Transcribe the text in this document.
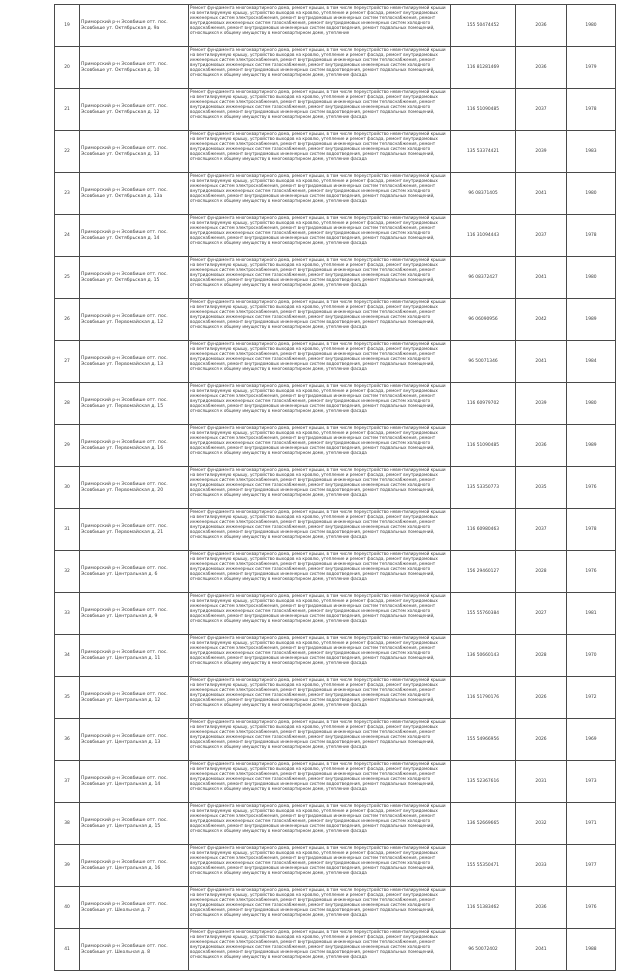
19	Приморский р-н Эсовбише отт. пос. Эсовбише ут. Октябрьская д. 9а	Ремонт фундамента многоквартирного дома, ремонт крыши, в том числе переустройство невентилируемой крыши на вентилируемую крышу, устройство выходов на кровлю, утепление и ремонт фасада, ремонт внутридомовых инженерных систем электроснабжения, ремонт внутридомовых инженерных систем теплоснабжения, ремонт внутридомовых инженерных систем газоснабжения, ремонт внутридомовых инженерных систем холодного водоснабжения, ремонт внутридомовых инженерных систем водоотведения, ремонт подвальных помещений, относящихся к общему имуществу в многоквартирном доме, утепление	155 50474452	2036	1980
20	Приморский р-н Эсовбише отт. пос. Эсовбише ут. Октябрьская д. 10	Ремонт фундамента многоквартирного дома, ремонт крыши, в том числе переустройство невентилируемой крыши на вентилируемую крышу, устройство выходов на кровлю, утепление и ремонт фасада, ремонт внутридомовых инженерных систем электроснабжения, ремонт внутридомовых инженерных систем теплоснабжения, ремонт внутридомовых инженерных систем газоснабжения, ремонт внутридомовых инженерных систем холодного водоснабжения, ремонт внутридомовых инженерных систем водоотведения, ремонт подвальных помещений, относящихся к общему имуществу в многоквартирном доме, утепление фасада	116 81281469	2036	1979
21	Приморский р-н Эсовбише отт. пос. Эсовбише ут. Октябрьская д. 12	Ремонт фундамента многоквартирного дома, ремонт крыши, в том числе переустройство невентилируемой крыши на вентилируемую крышу, устройство выходов на кровлю, утепление и ремонт фасада, ремонт внутридомовых инженерных систем электроснабжения, ремонт внутридомовых инженерных систем теплоснабжения, ремонт внутридомовых инженерных систем газоснабжения, ремонт внутридомовых инженерных систем холодного водоснабжения, ремонт внутридомовых инженерных систем водоотведения, ремонт подвальных помещений, относящихся к общему имуществу в многоквартирном доме, утепление фасада	116 51090485	2037	1978
22	Приморский р-н Эсовбише отт. пос. Эсовбише ут. Октябрьская д. 13	Ремонт фундамента многоквартирного дома, ремонт крыши, в том числе переустройство невентилируемой крыши на вентилируемую крышу, устройство выходов на кровлю, утепление и ремонт фасада, ремонт внутридомовых инженерных систем электроснабжения, ремонт внутридомовых инженерных систем теплоснабжения, ремонт внутридомовых инженерных систем газоснабжения, ремонт внутридомовых инженерных систем холодного водоснабжения, ремонт внутридомовых инженерных систем водоотведения, ремонт подвальных помещений, относящихся к общему имуществу в многоквартирном доме, утепление фасада	135 53374421	2039	1983
23	Приморский р-н Эсовбише отт. пос. Эсовбише ут. Октябрьская д. 13а	Ремонт фундамента многоквартирного дома, ремонт крыши, в том числе переустройство невентилируемой крыши на вентилируемую крышу, устройство выходов на кровлю, утепление и ремонт фасада, ремонт внутридомовых инженерных систем электроснабжения, ремонт внутридомовых инженерных систем теплоснабжения, ремонт внутридомовых инженерных систем газоснабжения, ремонт внутридомовых инженерных систем холодного водоснабжения, ремонт внутридомовых инженерных систем водоотведения, ремонт подвальных помещений, относящихся к общему имуществу в многоквартирном доме, утепление фасада	96 08371405	2041	1980
24	Приморский р-н Эсовбише отт. пос. Эсовбише ут. Октябрьская д. 14	Ремонт фундамента многоквартирного дома, ремонт крыши, в том числе переустройство невентилируемой крыши на вентилируемую крышу, устройство выходов на кровлю, утепление и ремонт фасада, ремонт внутридомовых инженерных систем электроснабжения, ремонт внутридомовых инженерных систем теплоснабжения, ремонт внутридомовых инженерных систем газоснабжения, ремонт внутридомовых инженерных систем холодного водоснабжения, ремонт внутридомовых инженерных систем водоотведения, ремонт подвальных помещений, относящихся к общему имуществу в многоквартирном доме, утепление фасада	116 31094443	2037	1978
25	Приморский р-н Эсовбише отт. пос. Эсовбише ут. Октябрьская д. 15	Ремонт фундамента многоквартирного дома, ремонт крыши, в том числе переустройство невентилируемой крыши на вентилируемую крышу, устройство выходов на кровлю, утепление и ремонт фасада, ремонт внутридомовых инженерных систем электроснабжения, ремонт внутридомовых инженерных систем теплоснабжения, ремонт внутридомовых инженерных систем газоснабжения, ремонт внутридомовых инженерных систем холодного водоснабжения, ремонт внутридомовых инженерных систем водоотведения, ремонт подвальных помещений, относящихся к общему имуществу в многоквартирном доме, утепление фасада	96 08372427	2041	1980
26	Приморский р-н Эсовбише отт. пос. Эсовбише ут. Первомайская д. 12	Ремонт фундамента многоквартирного дома, ремонт крыши, в том числе переустройство невентилируемой крыши на вентилируемую крышу, устройство выходов на кровлю, утепление и ремонт фасада, ремонт внутридомовых инженерных систем электроснабжения, ремонт внутридомовых инженерных систем теплоснабжения, ремонт внутридомовых инженерных систем газоснабжения, ремонт внутридомовых инженерных систем холодного водоснабжения, ремонт внутридомовых инженерных систем водоотведения, ремонт подвальных помещений, относящихся к общему имуществу в многоквартирном доме, утепление фасада	96 06090956	2042	1989
27	Приморский р-н Эсовбише отт. пос. Эсовбише ут. Первомайская д. 13	Ремонт фундамента многоквартирного дома, ремонт крыши, в том числе переустройство невентилируемой крыши на вентилируемую крышу, устройство выходов на кровлю, утепление и ремонт фасада, ремонт внутридомовых инженерных систем электроснабжения, ремонт внутридомовых инженерных систем теплоснабжения, ремонт внутридомовых инженерных систем газоснабжения, ремонт внутридомовых инженерных систем холодного водоснабжения, ремонт внутридомовых инженерных систем водоотведения, ремонт подвальных помещений, относящихся к общему имуществу в многоквартирном доме, утепление фасада	96 50071346	2041	1984
28	Приморский р-н Эсовбише отт. пос. Эсовбише ут. Первомайская д. 15	Ремонт фундамента многоквартирного дома, ремонт крыши, в том числе переустройство невентилируемой крыши на вентилируемую крышу, устройство выходов на кровлю, утепление и ремонт фасада, ремонт внутридомовых инженерных систем электроснабжения, ремонт внутридомовых инженерных систем теплоснабжения, ремонт внутридомовых инженерных систем газоснабжения, ремонт внутридомовых инженерных систем холодного водоснабжения, ремонт внутридомовых инженерных систем водоотведения, ремонт подвальных помещений, относящихся к общему имуществу в многоквартирном доме, утепление фасада	116 60979702	2039	1980
29	Приморский р-н Эсовбише отт. пос. Эсовбише ут. Первомайская д. 16	Ремонт фундамента многоквартирного дома, ремонт крыши, в том числе переустройство невентилируемой крыши на вентилируемую крышу, устройство выходов на кровлю, утепление и ремонт фасада, ремонт внутридомовых инженерных систем электроснабжения, ремонт внутридомовых инженерных систем теплоснабжения, ремонт внутридомовых инженерных систем газоснабжения, ремонт внутридомовых инженерных систем холодного водоснабжения, ремонт внутридомовых инженерных систем водоотведения, ремонт подвальных помещений, относящихся к общему имуществу в многоквартирном доме, утепление фасада	116 51090485	2036	1989
30	Приморский р-н Эсовбише отт. пос. Эсовбише ут. Первомайская д. 20	Ремонт фундамента многоквартирного дома, ремонт крыши, в том числе переустройство невентилируемой крыши на вентилируемую крышу, устройство выходов на кровлю, утепление и ремонт фасада, ремонт внутридомовых инженерных систем электроснабжения, ремонт внутридомовых инженерных систем теплоснабжения, ремонт внутридомовых инженерных систем газоснабжения, ремонт внутридомовых инженерных систем холодного водоснабжения, ремонт внутридомовых инженерных систем водоотведения, ремонт подвальных помещений, относящихся к общему имуществу в многоквартирном доме, утепление фасада	135 53350773	2035	1976
31	Приморский р-н Эсовбише отт. пос. Эсовбише ут. Первомайская д. 21	Ремонт фундамента многоквартирного дома, ремонт крыши, в том числе переустройство невентилируемой крыши на вентилируемую крышу, устройство выходов на кровлю, утепление и ремонт фасада, ремонт внутридомовых инженерных систем электроснабжения, ремонт внутридомовых инженерных систем теплоснабжения, ремонт внутридомовых инженерных систем газоснабжения, ремонт внутридомовых инженерных систем холодного водоснабжения, ремонт внутридомовых инженерных систем водоотведения, ремонт подвальных помещений, относящихся к общему имуществу в многоквартирном доме, утепление фасада	116 60980463	2037	1978
32	Приморский р-н Эсовбише отт. пос. Эсовбише ут. Центральная д. 6	Ремонт фундамента многоквартирного дома, ремонт крыши, в том числе переустройство невентилируемой крыши на вентилируемую крышу, устройство выходов на кровлю, утепление и ремонт фасада, ремонт внутридомовых инженерных систем электроснабжения, ремонт внутридомовых инженерных систем теплоснабжения, ремонт внутридомовых инженерных систем газоснабжения, ремонт внутридомовых инженерных систем холодного водоснабжения, ремонт внутридомовых инженерных систем водоотведения, ремонт подвальных помещений, относящихся к общему имуществу в многоквартирном доме, утепление фасада	156 29460127	2028	1976
33	Приморский р-н Эсовбише отт. пос. Эсовбише ут. Центральная д. 9	Ремонт фундамента многоквартирного дома, ремонт крыши, в том числе переустройство невентилируемой крыши на вентилируемую крышу, устройство выходов на кровлю, утепление и ремонт фасада, ремонт внутридомовых инженерных систем электроснабжения, ремонт внутридомовых инженерных систем теплоснабжения, ремонт внутридомовых инженерных систем газоснабжения, ремонт внутридомовых инженерных систем холодного водоснабжения, ремонт внутридомовых инженерных систем водоотведения, ремонт подвальных помещений, относящихся к общему имуществу в многоквартирном доме, утепление фасада	155 55760384	2027	1981
34	Приморский р-н Эсовбише отт. пос. Эсовбише ут. Центральная д. 11	Ремонт фундамента многоквартирного дома, ремонт крыши, в том числе переустройство невентилируемой крыши на вентилируемую крышу, устройство выходов на кровлю, утепление и ремонт фасада, ремонт внутридомовых инженерных систем электроснабжения, ремонт внутридомовых инженерных систем теплоснабжения, ремонт внутридомовых инженерных систем газоснабжения, ремонт внутридомовых инженерных систем холодного водоснабжения, ремонт внутридомовых инженерных систем водоотведения, ремонт подвальных помещений, относящихся к общему имуществу в многоквартирном доме, утепление фасада	136 50660143	2028	1970
35	Приморский р-н Эсовбише отт. пос. Эсовбише ут. Центральная д. 12	Ремонт фундамента многоквартирного дома, ремонт крыши, в том числе переустройство невентилируемой крыши на вентилируемую крышу, устройство выходов на кровлю, утепление и ремонт фасада, ремонт внутридомовых инженерных систем электроснабжения, ремонт внутридомовых инженерных систем теплоснабжения, ремонт внутридомовых инженерных систем газоснабжения, ремонт внутридомовых инженерных систем холодного водоснабжения, ремонт внутридомовых инженерных систем водоотведения, ремонт подвальных помещений, относящихся к общему имуществу в многоквартирном доме, утепление фасада	116 51790176	2026	1972
36	Приморский р-н Эсовбише отт. пос. Эсовбише ут. Центральная д. 13	Ремонт фундамента многоквартирного дома, ремонт крыши, в том числе переустройство невентилируемой крыши на вентилируемую крышу, устройство выходов на кровлю, утепление и ремонт фасада, ремонт внутридомовых инженерных систем электроснабжения, ремонт внутридомовых инженерных систем теплоснабжения, ремонт внутридомовых инженерных систем газоснабжения, ремонт внутридомовых инженерных систем холодного водоснабжения, ремонт внутридомовых инженерных систем водоотведения, ремонт подвальных помещений, относящихся к общему имуществу в многоквартирном доме, утепление фасада	155 54966956	2026	1969
37	Приморский р-н Эсовбише отт. пос. Эсовбише ут. Центральная д. 14	Ремонт фундамента многоквартирного дома, ремонт крыши, в том числе переустройство невентилируемой крыши на вентилируемую крышу, устройство выходов на кровлю, утепление и ремонт фасада, ремонт внутридомовых инженерных систем электроснабжения, ремонт внутридомовых инженерных систем теплоснабжения, ремонт внутридомовых инженерных систем газоснабжения, ремонт внутридомовых инженерных систем холодного водоснабжения, ремонт внутридомовых инженерных систем водоотведения, ремонт подвальных помещений, относящихся к общему имуществу в многоквартирном доме, утепление фасада	135 52367616	2031	1973
38	Приморский р-н Эсовбише отт. пос. Эсовбише ут. Центральная д. 15	Ремонт фундамента многоквартирного дома, ремонт крыши, в том числе переустройство невентилируемой крыши на вентилируемую крышу, устройство выходов на кровлю, утепление и ремонт фасада, ремонт внутридомовых инженерных систем электроснабжения, ремонт внутридомовых инженерных систем теплоснабжения, ремонт внутридомовых инженерных систем газоснабжения, ремонт внутридомовых инженерных систем холодного водоснабжения, ремонт внутридомовых инженерных систем водоотведения, ремонт подвальных помещений, относящихся к общему имуществу в многоквартирном доме, утепление фасада	136 52669665	2032	1971
39	Приморский р-н Эсовбише отт. пос. Эсовбише ут. Центральная д. 16	Ремонт фундамента многоквартирного дома, ремонт крыши, в том числе переустройство невентилируемой крыши на вентилируемую крышу, устройство выходов на кровлю, утепление и ремонт фасада, ремонт внутридомовых инженерных систем электроснабжения, ремонт внутридомовых инженерных систем теплоснабжения, ремонт внутридомовых инженерных систем газоснабжения, ремонт внутридомовых инженерных систем холодного водоснабжения, ремонт внутридомовых инженерных систем водоотведения, ремонт подвальных помещений, относящихся к общему имуществу в многоквартирном доме, утепление фасада	155 55350471	2033	1977
40	Приморский р-н Эсовбише отт. пос. Эсовбише ут. Школьная д. 7	Ремонт фундамента многоквартирного дома, ремонт крыши, в том числе переустройство невентилируемой крыши на вентилируемую крышу, устройство выходов на кровлю, утепление и ремонт фасада, ремонт внутридомовых инженерных систем электроснабжения, ремонт внутридомовых инженерных систем теплоснабжения, ремонт внутридомовых инженерных систем газоснабжения, ремонт внутридомовых инженерных систем холодного водоснабжения, ремонт внутридомовых инженерных систем водоотведения, ремонт подвальных помещений, относящихся к общему имуществу в многоквартирном доме, утепление фасада	116 51383462	2036	1976
41	Приморский р-н Эсовбише отт. пос. Эсовбише ут. Школьная д. 8	Ремонт фундамента многоквартирного дома, ремонт крыши, в том числе переустройство невентилируемой крыши на вентилируемую крышу, устройство выходов на кровлю, утепление и ремонт фасада, ремонт внутридомовых инженерных систем электроснабжения, ремонт внутридомовых инженерных систем теплоснабжения, ремонт внутридомовых инженерных систем газоснабжения, ремонт внутридомовых инженерных систем холодного водоснабжения, ремонт внутридомовых инженерных систем водоотведения, ремонт подвальных помещений, относящихся к общему имуществу в многоквартирном доме, утепление фасада	96 50072402	2041	1988
